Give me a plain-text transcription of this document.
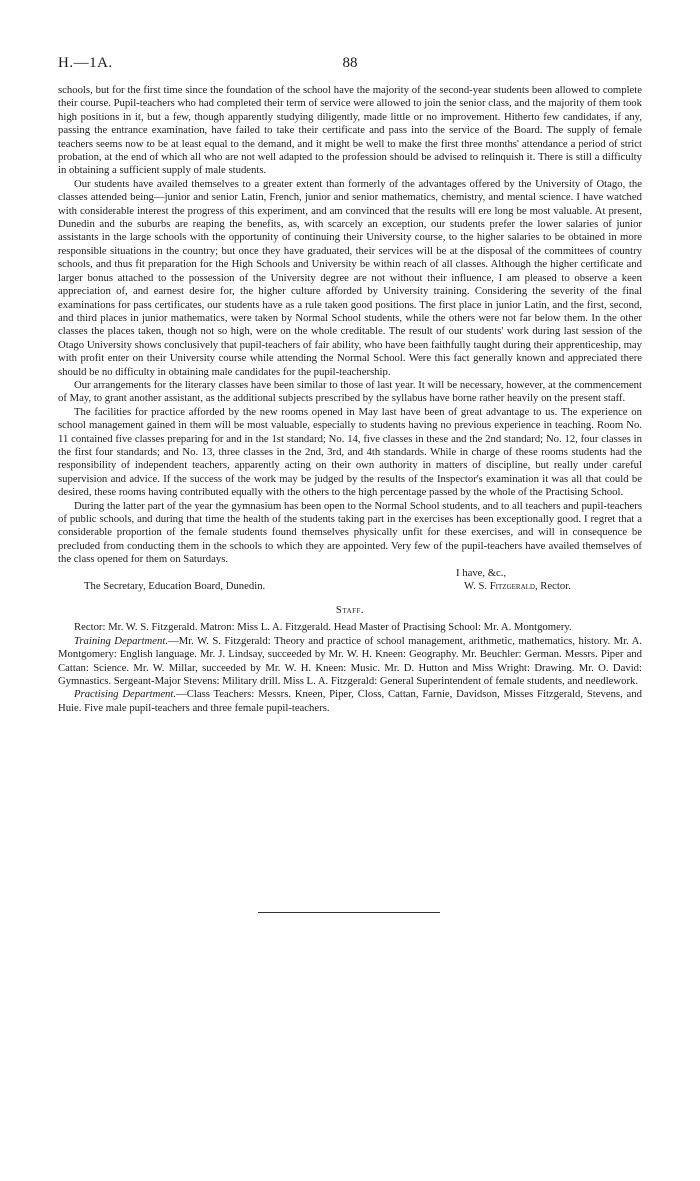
H.—1A.	88

schools, but for the first time since the foundation of the school have the majority of the second-year students been allowed to complete their course. Pupil-teachers who had completed their term of service were allowed to join the senior class, and the majority of them took high positions in it, but a few, though apparently studying diligently, made little or no improvement. Hitherto few candidates, if any, passing the entrance examination, have failed to take their certificate and pass into the service of the Board. The supply of female teachers seems now to be at least equal to the demand, and it might be well to make the first three months' attendance a period of strict probation, at the end of which all who are not well adapted to the profession should be advised to relinquish it. There is still a difficulty in obtaining a sufficient supply of male students.

Our students have availed themselves to a greater extent than formerly of the advantages offered by the University of Otago, the classes attended being—junior and senior Latin, French, junior and senior mathematics, chemistry, and mental science. I have watched with considerable interest the progress of this experiment, and am convinced that the results will ere long be most valuable. At present, Dunedin and the suburbs are reaping the benefits, as, with scarcely an exception, our students prefer the lower salaries of junior assistants in the large schools with the opportunity of continuing their University course, to the higher salaries to be obtained in more responsible situations in the country; but once they have graduated, their services will be at the disposal of the committees of country schools, and thus fit preparation for the High Schools and University be within reach of all classes. Although the higher certificate and larger bonus attached to the possession of the University degree are not without their influence, I am pleased to observe a keen appreciation of, and earnest desire for, the higher culture afforded by University training. Considering the severity of the final examinations for pass certificates, our students have as a rule taken good positions. The first place in junior Latin, and the first, second, and third places in junior mathematics, were taken by Normal School students, while the others were not far below them. In the other classes the places taken, though not so high, were on the whole creditable. The result of our students' work during last session of the Otago University shows conclusively that pupil-teachers of fair ability, who have been faithfully taught during their apprenticeship, may with profit enter on their University course while attending the Normal School. Were this fact generally known and appreciated there should be no difficulty in obtaining male candidates for the pupil-teachership.

Our arrangements for the literary classes have been similar to those of last year. It will be necessary, however, at the commencement of May, to grant another assistant, as the additional subjects prescribed by the syllabus have borne rather heavily on the present staff.

The facilities for practice afforded by the new rooms opened in May last have been of great advantage to us. The experience on school management gained in them will be most valuable, especially to students having no previous experience in teaching. Room No. 11 contained five classes preparing for and in the 1st standard; No. 14, five classes in these and the 2nd standard; No. 12, four classes in the first four standards; and No. 13, three classes in the 2nd, 3rd, and 4th standards. While in charge of these rooms students had the responsibility of independent teachers, apparently acting on their own authority in matters of discipline, but really under careful supervision and advice. If the success of the work may be judged by the results of the Inspector's examination it was all that could be desired, these rooms having contributed equally with the others to the high percentage passed by the whole of the Practising School.

During the latter part of the year the gymnasium has been open to the Normal School students, and to all teachers and pupil-teachers of public schools, and during that time the health of the students taking part in the exercises has been exceptionally good. I regret that a considerable proportion of the female students found themselves physically unfit for these exercises, and will in consequence be precluded from conducting them in the schools to which they are appointed. Very few of the pupil-teachers have availed themselves of the class opened for them on Saturdays.

I have, &c.,

The Secretary, Education Board, Dunedin.	W. S. Fitzgerald, Rector.
Staff.

Rector: Mr. W. S. Fitzgerald. Matron: Miss L. A. Fitzgerald. Head Master of Practising School: Mr. A. Montgomery.

Training Department.—Mr. W. S. Fitzgerald: Theory and practice of school management, arithmetic, mathematics, history. Mr. A. Montgomery: English language. Mr. J. Lindsay, succeeded by Mr. W. H. Kneen: Geography. Mr. Beuchler: German. Messrs. Piper and Cattan: Science. Mr. W. Millar, succeeded by Mr. W. H. Kneen: Music. Mr. D. Hutton and Miss Wright: Drawing. Mr. O. David: Gymnastics. Sergeant-Major Stevens: Military drill. Miss L. A. Fitzgerald: General Superintendent of female students, and needlework.

Practising Department.—Class Teachers: Messrs. Kneen, Piper, Closs, Cattan, Farnie, Davidson, Misses Fitzgerald, Stevens, and Huie. Five male pupil-teachers and three female pupil-teachers.
